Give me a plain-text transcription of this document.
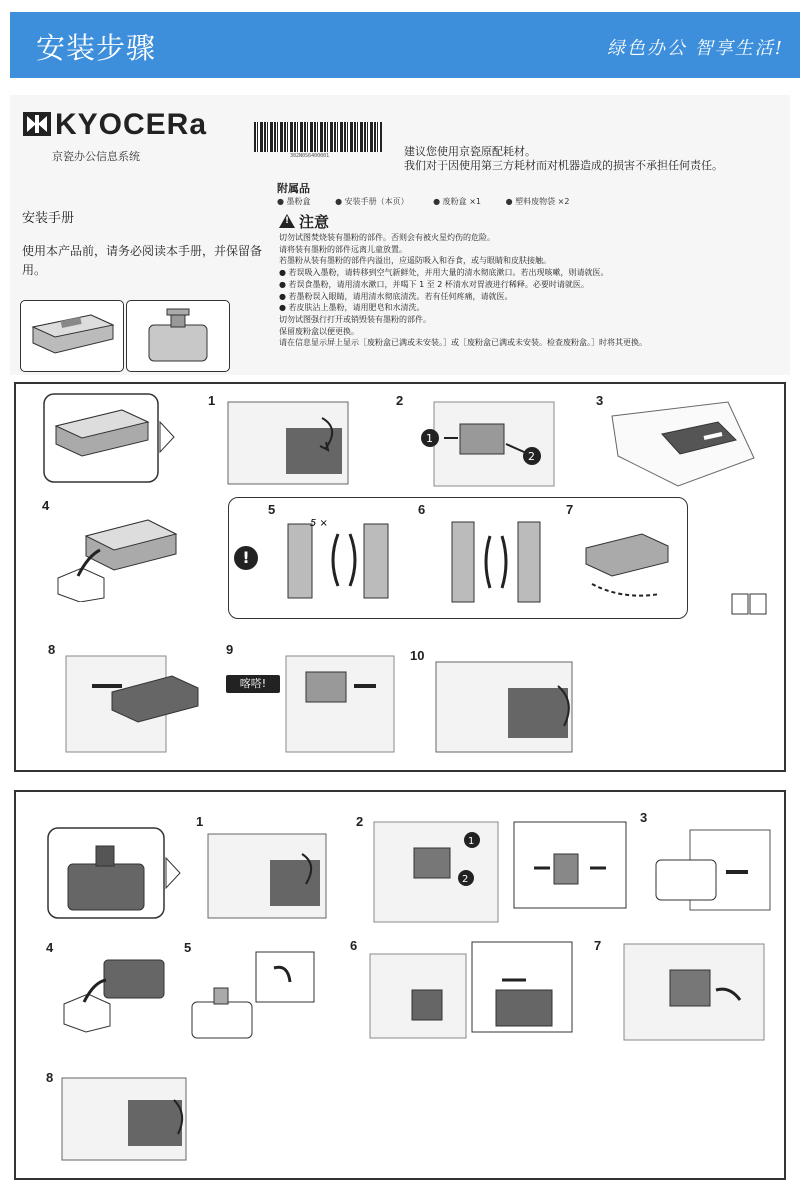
安装步骤	绿色办公 智享生活!
KYOCERa
京瓷办公信息系统	302N0S6400001	建议您使用京瓷原配耗材。
我们对于因使用第三方耗材而对机器造成的损害不承担任何责任。
安装手册
使用本产品前，请务必阅读本手册，并保留备用。
附属品
● 墨粉盒	● 安装手册（本页）	● 废粉盒 ×1	● 塑料废物袋 ×2
! 注意
切勿试图焚烧装有墨粉的部件。否则会有被火星灼伤的危险。
请将装有墨粉的部件远离儿童放置。
若墨粉从装有墨粉的部件内溢出，应遥防吸入和吞食，或与眼睛和皮肤接触。
● 若误吸入墨粉，请转移到空气新鲜处，并用大量的清水彻底漱口。若出现咳嗽，则请就医。
● 若误食墨粉，请用清水漱口，并喝下 1 至 2 杯清水对胃液进行稀释。必要时请就医。
● 若墨粉误入眼睛，请用清水彻底清洗。若有任何疼痛，请就医。
● 若皮肤沾上墨粉，请用肥皂和水清洗。
切勿试图强行打开或销毁装有墨粉的部件。
保留废粉盒以便更换。
请在信息显示屏上显示［废粉盒已满或未安装。］或［废粉盒已满或未安装。检查废粉盒。］时将其更换。
1	2
1
2
3
4
!
5
5 ×
6	7
8	9
喀嗒!
10
1	2
1
2
3
4	5	6	7
8
